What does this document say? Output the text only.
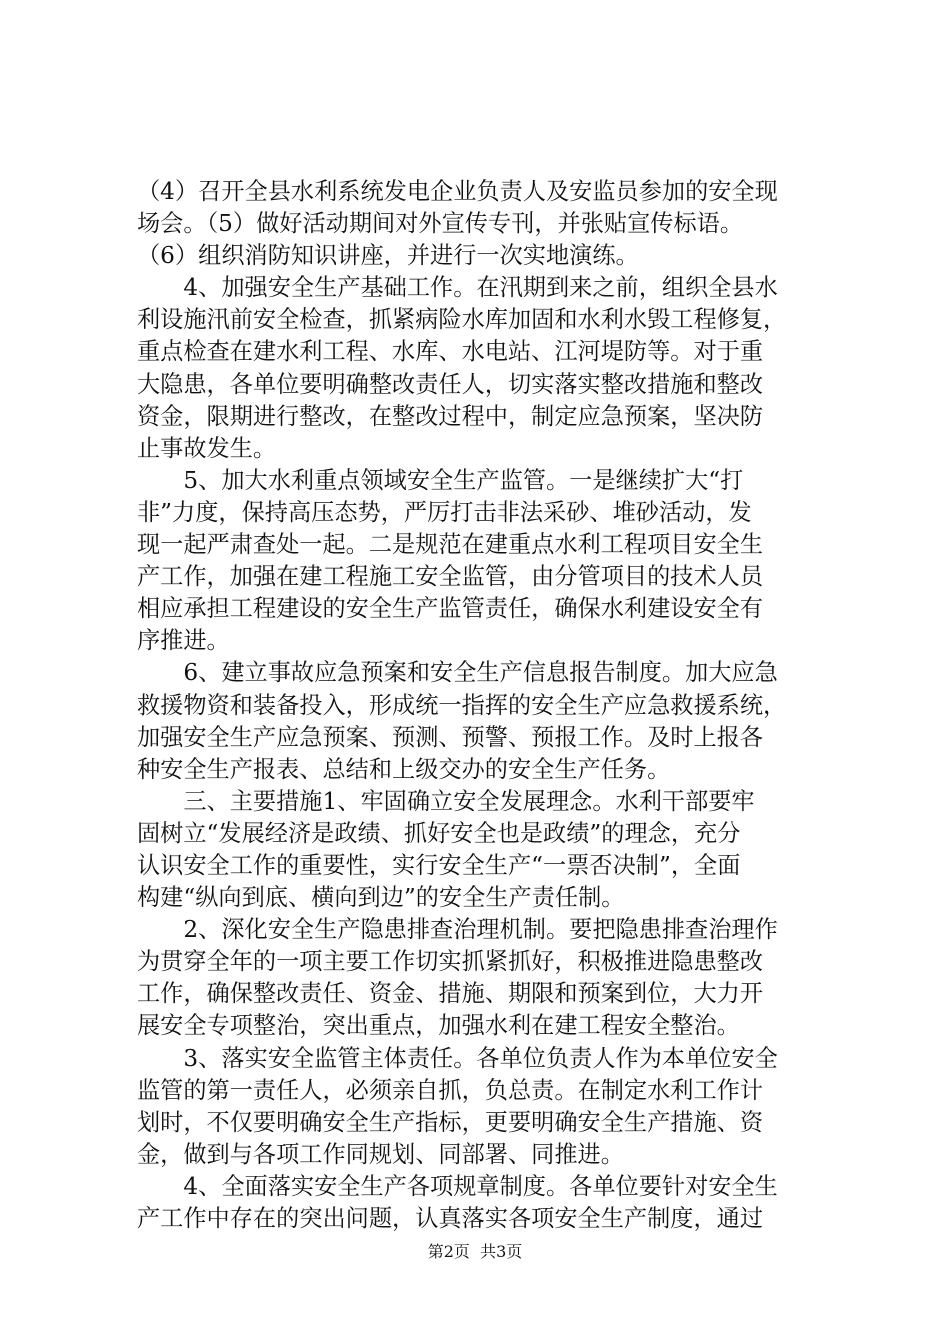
（4）召开全县水利系统发电企业负责人及安监员参加的安全现
场会。（5）做好活动期间对外宣传专刊，并张贴宣传标语。
（6）组织消防知识讲座，并进行一次实地演练。
　　4、加强安全生产基础工作。在汛期到来之前，组织全县水
利设施汛前安全检查，抓紧病险水库加固和水利水毁工程修复，
重点检查在建水利工程、水库、水电站、江河堤防等。对于重
大隐患，各单位要明确整改责任人，切实落实整改措施和整改
资金，限期进行整改，在整改过程中，制定应急预案，坚决防
止事故发生。
　　5、加大水利重点领域安全生产监管。一是继续扩大“打
非”力度，保持高压态势，严厉打击非法采砂、堆砂活动，发
现一起严肃查处一起。二是规范在建重点水利工程项目安全生
产工作，加强在建工程施工安全监管，由分管项目的技术人员
相应承担工程建设的安全生产监管责任，确保水利建设安全有
序推进。
　　6、建立事故应急预案和安全生产信息报告制度。加大应急
救援物资和装备投入，形成统一指挥的安全生产应急救援系统，
加强安全生产应急预案、预测、预警、预报工作。及时上报各
种安全生产报表、总结和上级交办的安全生产任务。
　　三、主要措施1、牢固确立安全发展理念。水利干部要牢
固树立“发展经济是政绩、抓好安全也是政绩”的理念，充分
认识安全工作的重要性，实行安全生产“一票否决制”，全面
构建“纵向到底、横向到边”的安全生产责任制。
　　2、深化安全生产隐患排查治理机制。要把隐患排查治理作
为贯穿全年的一项主要工作切实抓紧抓好，积极推进隐患整改
工作，确保整改责任、资金、措施、期限和预案到位，大力开
展安全专项整治，突出重点，加强水利在建工程安全整治。
　　3、落实安全监管主体责任。各单位负责人作为本单位安全
监管的第一责任人，必须亲自抓，负总责。在制定水利工作计
划时，不仅要明确安全生产指标，更要明确安全生产措施、资
金，做到与各项工作同规划、同部署、同推进。
　　4、全面落实安全生产各项规章制度。各单位要针对安全生
产工作中存在的突出问题，认真落实各项安全生产制度，通过
第2页  共3页
